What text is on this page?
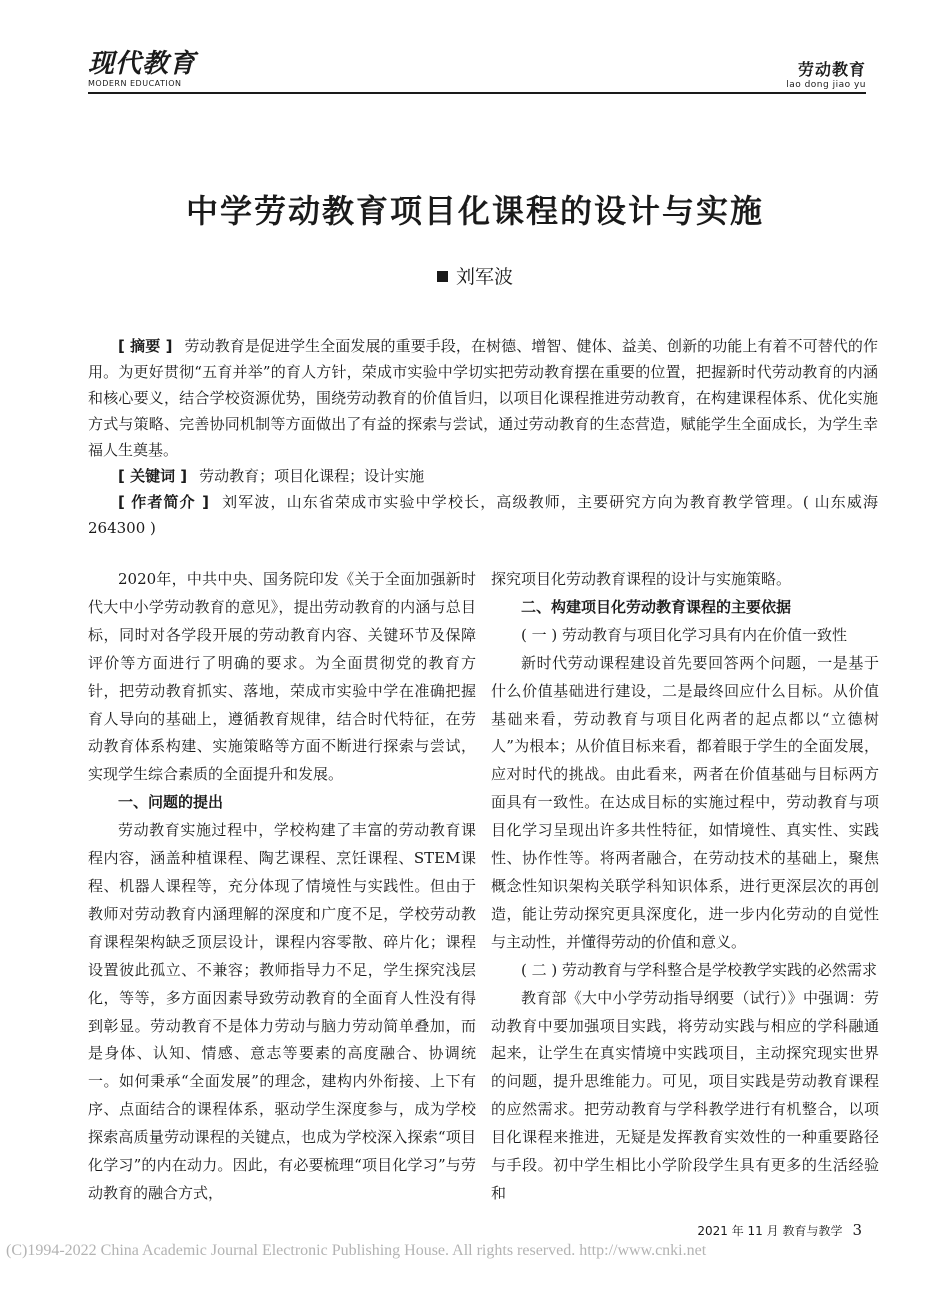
现代教育
MODERN EDUCATION
劳动教育
lao dong jiao yu
中学劳动教育项目化课程的设计与实施
刘军波

[ 摘要 ] 劳动教育是促进学生全面发展的重要手段，在树德、增智、健体、益美、创新的功能上有着不可替代的作用。为更好贯彻“五育并举”的育人方针，荣成市实验中学切实把劳动教育摆在重要的位置，把握新时代劳动教育的内涵和核心要义，结合学校资源优势，围绕劳动教育的价值旨归，以项目化课程推进劳动教育，在构建课程体系、优化实施方式与策略、完善协同机制等方面做出了有益的探索与尝试，通过劳动教育的生态营造，赋能学生全面成长，为学生幸福人生奠基。

[ 关键词 ] 劳动教育；项目化课程；设计实施

[ 作者简介 ] 刘军波，山东省荣成市实验中学校长，高级教师，主要研究方向为教育教学管理。( 山东威海　264300 )

2020年，中共中央、国务院印发《关于全面加强新时代大中小学劳动教育的意见》，提出劳动教育的内涵与总目标，同时对各学段开展的劳动教育内容、关键环节及保障评价等方面进行了明确的要求。为全面贯彻党的教育方针，把劳动教育抓实、落地，荣成市实验中学在准确把握育人导向的基础上，遵循教育规律，结合时代特征，在劳动教育体系构建、实施策略等方面不断进行探索与尝试，实现学生综合素质的全面提升和发展。

一、问题的提出

劳动教育实施过程中，学校构建了丰富的劳动教育课程内容，涵盖种植课程、陶艺课程、烹饪课程、STEM课程、机器人课程等，充分体现了情境性与实践性。但由于教师对劳动教育内涵理解的深度和广度不足，学校劳动教育课程架构缺乏顶层设计，课程内容零散、碎片化；课程设置彼此孤立、不兼容；教师指导力不足，学生探究浅层化，等等，多方面因素导致劳动教育的全面育人性没有得到彰显。劳动教育不是体力劳动与脑力劳动简单叠加，而是身体、认知、情感、意志等要素的高度融合、协调统一。如何秉承“全面发展”的理念，建构内外衔接、上下有序、点面结合的课程体系，驱动学生深度参与，成为学校探索高质量劳动课程的关键点，也成为学校深入探索“项目化学习”的内在动力。因此，有必要梳理“项目化学习”与劳动教育的融合方式，

探究项目化劳动教育课程的设计与实施策略。

二、构建项目化劳动教育课程的主要依据

( 一 ) 劳动教育与项目化学习具有内在价值一致性

新时代劳动课程建设首先要回答两个问题，一是基于什么价值基础进行建设，二是最终回应什么目标。从价值基础来看，劳动教育与项目化两者的起点都以“立德树人”为根本；从价值目标来看，都着眼于学生的全面发展，应对时代的挑战。由此看来，两者在价值基础与目标两方面具有一致性。在达成目标的实施过程中，劳动教育与项目化学习呈现出许多共性特征，如情境性、真实性、实践性、协作性等。将两者融合，在劳动技术的基础上，聚焦概念性知识架构关联学科知识体系，进行更深层次的再创造，能让劳动探究更具深度化，进一步内化劳动的自觉性与主动性，并懂得劳动的价值和意义。

( 二 ) 劳动教育与学科整合是学校教学实践的必然需求

教育部《大中小学劳动指导纲要（试行）》中强调：劳动教育中要加强项目实践，将劳动实践与相应的学科融通起来，让学生在真实情境中实践项目，主动探究现实世界的问题，提升思维能力。可见，项目实践是劳动教育课程的应然需求。把劳动教育与学科教学进行有机整合，以项目化课程来推进，无疑是发挥教育实效性的一种重要路径与手段。初中学生相比小学阶段学生具有更多的生活经验和

2021 年 11 月 教育与教学 3
(C)1994-2022 China Academic Journal Electronic Publishing House. All rights reserved. http://www.cnki.net
